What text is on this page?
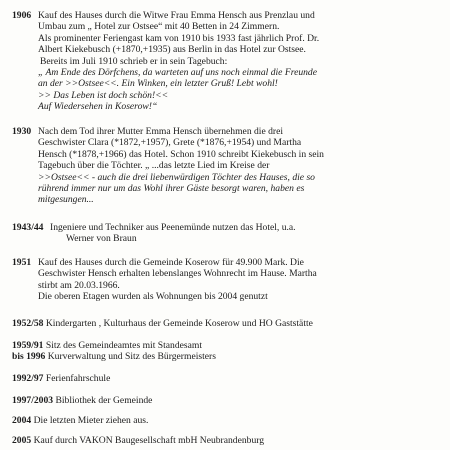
1906 Kauf des Hauses durch die Witwe Frau Emma Hensch aus Prenzlau und
Umbau zum „ Hotel zur Ostsee“ mit 40 Betten in 24 Zimmern.
Als prominenter Feriengast kam von 1910 bis 1933 fast jährlich Prof. Dr.
Albert Kiekebusch (+1870,+1935) aus Berlin in das Hotel zur Ostsee.
Bereits im Juli 1910 schrieb er in sein Tagebuch:
„ Am Ende des Dörfchens, da warteten auf uns noch einmal die Freunde
an der >>Ostsee<<. Ein Winken, ein letzter Gruß! Lebt wohl!
>> Das Leben ist doch schön!<<
Auf Wiedersehen in Koserow!“
1930 Nach dem Tod ihrer Mutter Emma Hensch übernehmen die drei
Geschwister Clara (*1872,+1957), Grete (*1876,+1954) und Martha
Hensch (*1878,+1966) das Hotel. Schon 1910 schreibt Kiekebusch in sein
Tagebuch über die Töchter. „ ...das letzte Lied im Kreise der
>>Ostsee<< - auch die drei liebenwürdigen Töchter des Hauses, die so
rührend immer nur um das Wohl ihrer Gäste besorgt waren, haben es
mitgesungen...
1943/44 Ingeniere und Techniker aus Peenemünde nutzen das Hotel, u.a.
Werner von Braun
1951 Kauf des Hauses durch die Gemeinde Koserow für 49.900 Mark. Die
Geschwister Hensch erhalten lebenslanges Wohnrecht im Hause. Martha
stirbt am 20.03.1966.
Die oberen Etagen wurden als Wohnungen bis 2004 genutzt
1952/58 Kindergarten , Kulturhaus der Gemeinde Koserow und HO Gaststätte
1959/91 Sitz des Gemeindeamtes mit Standesamt
bis 1996 Kurverwaltung und Sitz des Bürgermeisters
1992/97 Ferienfahrschule
1997/2003 Bibliothek der Gemeinde
2004 Die letzten Mieter ziehen aus.
2005 Kauf durch VAKON Baugesellschaft mbH Neubrandenburg
